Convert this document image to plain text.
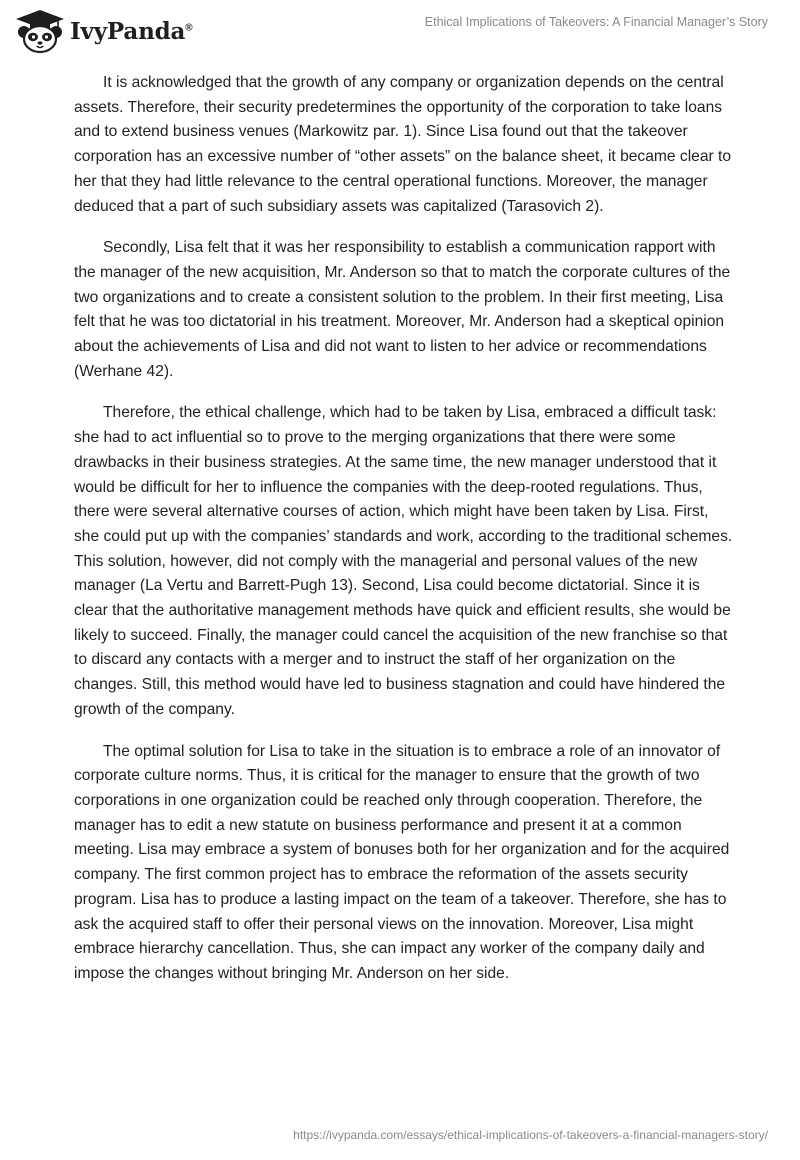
IvyPanda®	Ethical Implications of Takeovers: A Financial Manager’s Story

It is acknowledged that the growth of any company or organization depends on the central assets. Therefore, their security predetermines the opportunity of the corporation to take loans and to extend business venues (Markowitz par. 1). Since Lisa found out that the takeover corporation has an excessive number of “other assets” on the balance sheet, it became clear to her that they had little relevance to the central operational functions. Moreover, the manager deduced that a part of such subsidiary assets was capitalized (Tarasovich 2).

Secondly, Lisa felt that it was her responsibility to establish a communication rapport with the manager of the new acquisition, Mr. Anderson so that to match the corporate cultures of the two organizations and to create a consistent solution to the problem. In their first meeting, Lisa felt that he was too dictatorial in his treatment. Moreover, Mr. Anderson had a skeptical opinion about the achievements of Lisa and did not want to listen to her advice or recommendations (Werhane 42).

Therefore, the ethical challenge, which had to be taken by Lisa, embraced a difficult task: she had to act influential so to prove to the merging organizations that there were some drawbacks in their business strategies. At the same time, the new manager understood that it would be difficult for her to influence the companies with the deep-rooted regulations. Thus, there were several alternative courses of action, which might have been taken by Lisa. First, she could put up with the companies’ standards and work, according to the traditional schemes. This solution, however, did not comply with the managerial and personal values of the new manager (La Vertu and Barrett-Pugh 13). Second, Lisa could become dictatorial. Since it is clear that the authoritative management methods have quick and efficient results, she would be likely to succeed. Finally, the manager could cancel the acquisition of the new franchise so that to discard any contacts with a merger and to instruct the staff of her organization on the changes. Still, this method would have led to business stagnation and could have hindered the growth of the company.

The optimal solution for Lisa to take in the situation is to embrace a role of an innovator of corporate culture norms. Thus, it is critical for the manager to ensure that the growth of two corporations in one organization could be reached only through cooperation. Therefore, the manager has to edit a new statute on business performance and present it at a common meeting. Lisa may embrace a system of bonuses both for her organization and for the acquired company. The first common project has to embrace the reformation of the assets security program. Lisa has to produce a lasting impact on the team of a takeover. Therefore, she has to ask the acquired staff to offer their personal views on the innovation. Moreover, Lisa might embrace hierarchy cancellation. Thus, she can impact any worker of the company daily and impose the changes without bringing Mr. Anderson on her side.

https://ivypanda.com/essays/ethical-implications-of-takeovers-a-financial-managers-story/
